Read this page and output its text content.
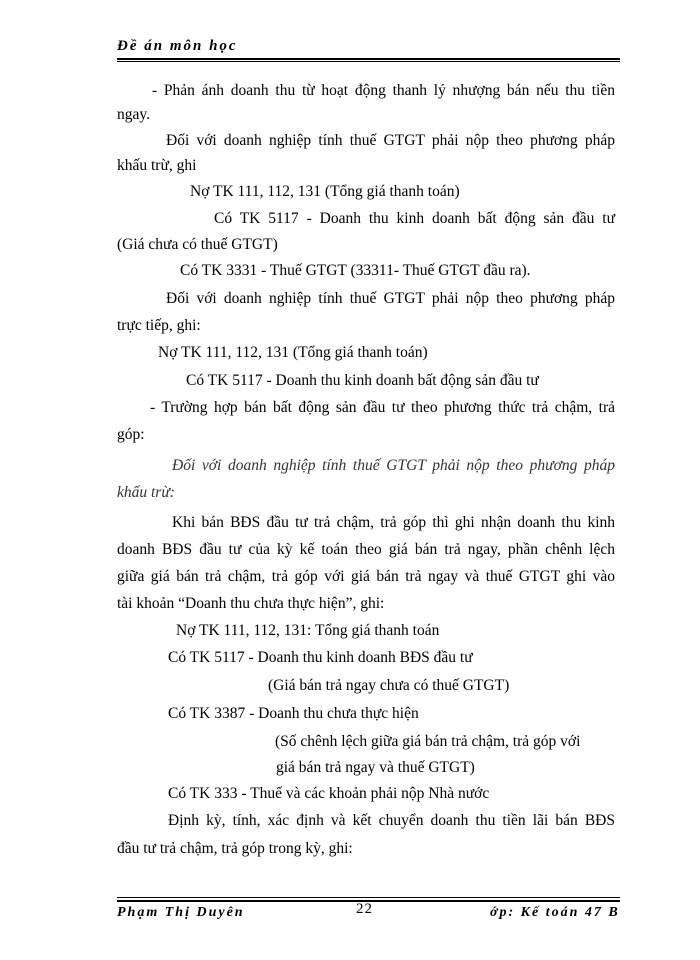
Đề án môn học
- Phản ánh doanh thu từ hoạt động thanh lý nhượng bán nếu thu tiền
ngay.
Đối với doanh nghiệp tính thuế GTGT phải nộp theo phương pháp
khấu trừ, ghi
Nợ TK 111, 112, 131 (Tổng giá thanh toán)
Có TK 5117 - Doanh thu kinh doanh bất động sản đầu tư
(Giá chưa có thuế GTGT)
Có TK 3331 - Thuế GTGT (33311- Thuế GTGT đầu ra).
Đối với doanh nghiệp tính thuế GTGT phải nộp theo phương pháp
trực tiếp, ghi:
Nợ TK 111, 112, 131 (Tổng giá thanh toán)
Có TK 5117 - Doanh thu kinh doanh bất động sản đầu tư
- Trường hợp bán bất động sản đầu tư theo phương thức trả chậm, trả
góp:
Đối với doanh nghiệp tính thuế GTGT phải nộp theo phương pháp
khấu trừ:
Khi bán BĐS đầu tư trả chậm, trả góp thì ghi nhận doanh thu kinh
doanh BĐS đầu tư của kỳ kế toán theo giá bán trả ngay, phần chênh lệch
giữa giá bán trả chậm, trả góp với giá bán trả ngay và thuế GTGT ghi vào
tài khoản “Doanh thu chưa thực hiện”, ghi:
Nợ TK 111, 112, 131: Tổng giá thanh toán
Có TK 5117 - Doanh thu kinh doanh BĐS đầu tư
(Giá bán trả ngay chưa có thuế GTGT)
Có TK 3387 - Doanh thu chưa thực hiện
(Số chênh lệch giữa giá bán trả chậm, trả góp với
giá bán trả ngay và thuế GTGT)
Có TK 333 - Thuế và các khoản phải nộp Nhà nước
Định kỳ, tính, xác định và kết chuyển doanh thu tiền lãi bán BĐS
đầu tư trả chậm, trả góp trong kỳ, ghi:
Phạm Thị Duyên	22	ớp: Kế toán 47 B
